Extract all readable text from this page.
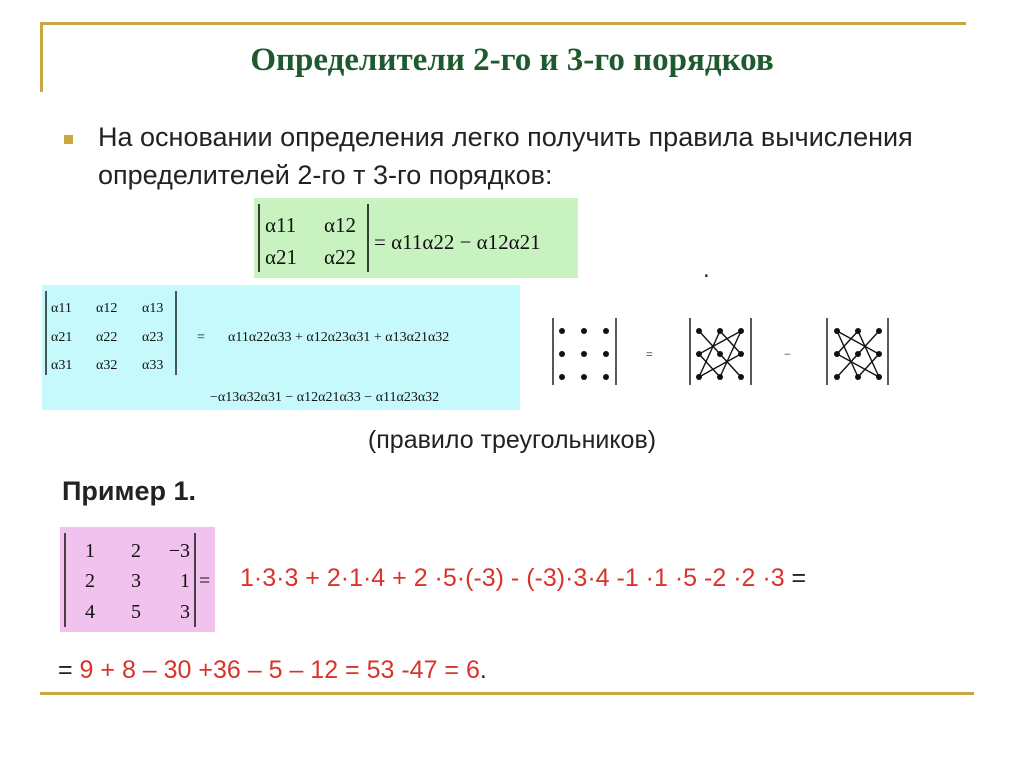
Определители 2-го и 3-го порядков
На основании определения легко получить правила вычисления определителей 2-го т 3-го порядков:
α11 α12
α21 α22
= α11α22 − α12α21
.
α11 α12 α13
α21 α22 α23
α31 α32 α33
= α11α22α33 + α12α23α31 + α13α21α32
−α13α32α31 − α12α21α33 − α11α23α32
=	−
(правило треугольников)
Пример 1.
1 2 −3
2 3 1
4 5 3
= 1·3·3 + 2·1·4 + 2 ·5·(-3) - (-3)·3·4 -1 ·1 ·5 -2 ·2 ·3 =
= 9 + 8 – 30 +36 – 5 – 12 = 53 -47 = 6.
